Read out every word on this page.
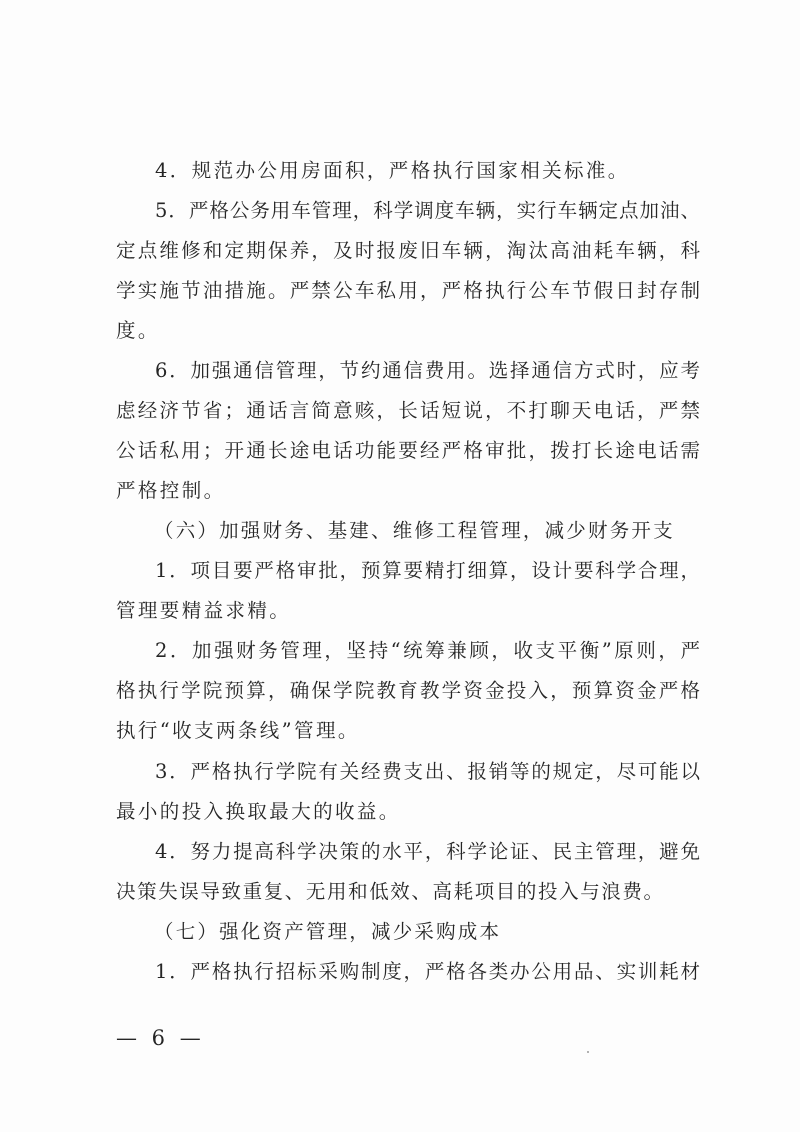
4．规范办公用房面积，严格执行国家相关标准。
5．严格公务用车管理，科学调度车辆，实行车辆定点加油、
定点维修和定期保养，及时报废旧车辆，淘汰高油耗车辆，科
学实施节油措施。严禁公车私用，严格执行公车节假日封存制
度。
6．加强通信管理，节约通信费用。选择通信方式时，应考
虑经济节省；通话言简意赅，长话短说，不打聊天电话，严禁
公话私用；开通长途电话功能要经严格审批，拨打长途电话需
严格控制。
（六）加强财务、基建、维修工程管理，减少财务开支
1．项目要严格审批，预算要精打细算，设计要科学合理，
管理要精益求精。
2．加强财务管理，坚持“统筹兼顾，收支平衡”原则，严
格执行学院预算，确保学院教育教学资金投入，预算资金严格
执行“收支两条线”管理。
3．严格执行学院有关经费支出、报销等的规定，尽可能以
最小的投入换取最大的收益。
4．努力提高科学决策的水平，科学论证、民主管理，避免
决策失误导致重复、无用和低效、高耗项目的投入与浪费。
（七）强化资产管理，减少采购成本
1．严格执行招标采购制度，严格各类办公用品、实训耗材
— 6 —
